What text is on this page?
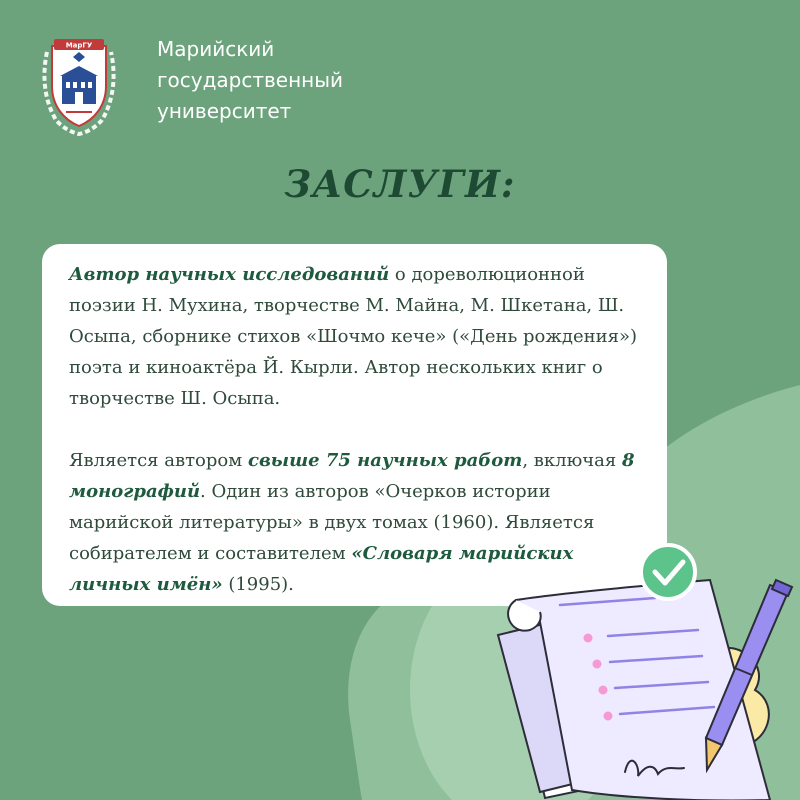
МарГУ	Марийский
государственный
университет
ЗАСЛУГИ:

Автор научных исследований о дореволюционной поэзии Н. Мухина, творчестве М. Майна, М. Шкетана, Ш. Осыпа, сборнике стихов «Шочмо кече» («День рождения») поэта и киноактёра Й. Кырли. Автор нескольких книг о творчестве Ш. Осыпа.

Является автором свыше 75 научных работ, включая 8 монографий. Один из авторов «Очерков истории марийской литературы» в двух томах (1960). Является собирателем и составителем «Словаря марийских личных имён» (1995).
